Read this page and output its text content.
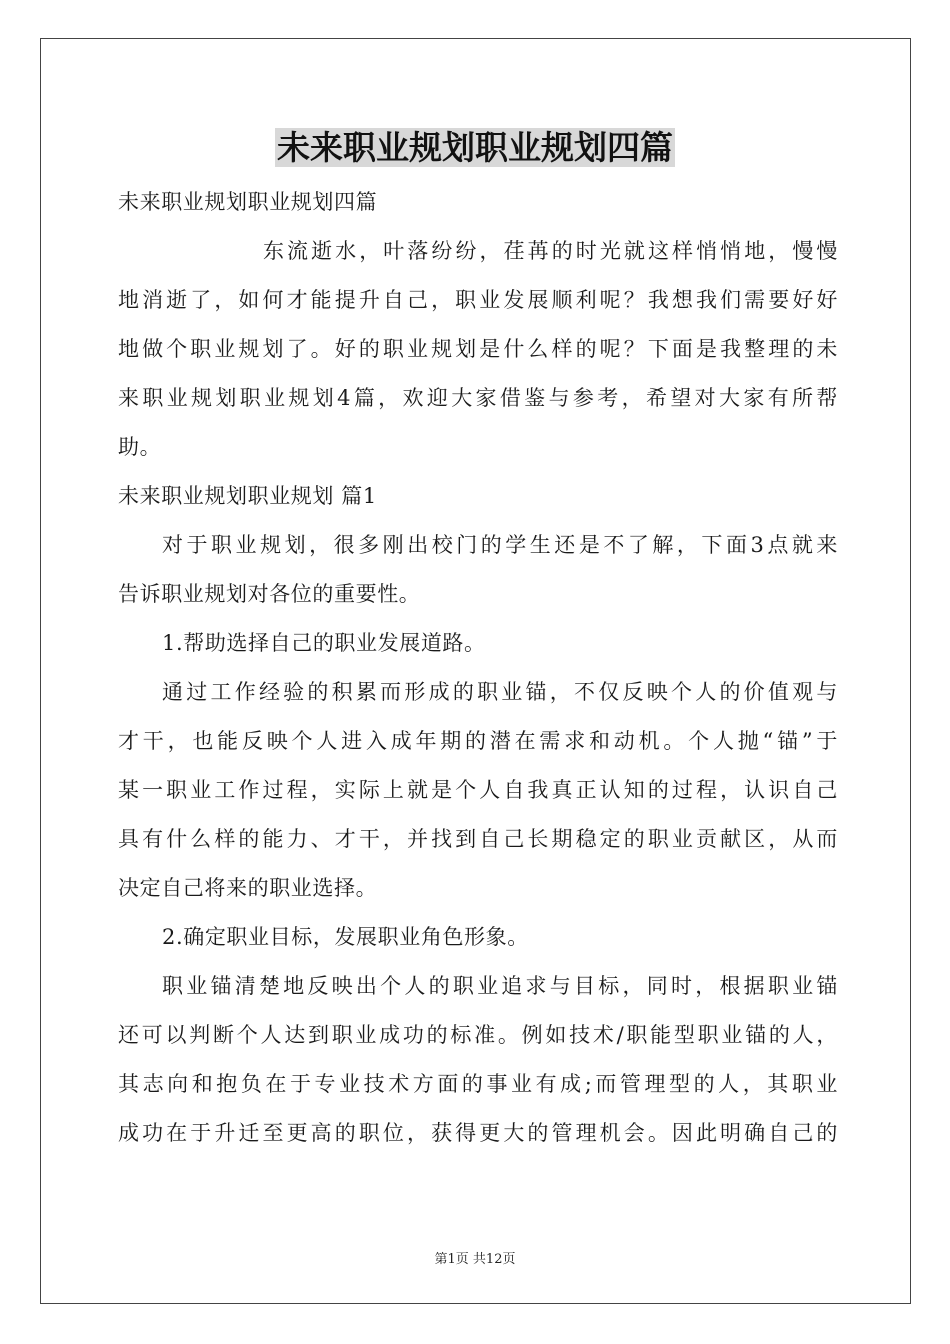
未来职业规划职业规划四篇
未来职业规划职业规划四篇
东流逝水，叶落纷纷，荏苒的时光就这样悄悄地，慢慢
地消逝了，如何才能提升自己，职业发展顺利呢？我想我们需要好好
地做个职业规划了。好的职业规划是什么样的呢？下面是我整理的未
来职业规划职业规划4篇，欢迎大家借鉴与参考，希望对大家有所帮
助。
未来职业规划职业规划 篇1
对于职业规划，很多刚出校门的学生还是不了解，下面3点就来
告诉职业规划对各位的重要性。
1.帮助选择自己的职业发展道路。
通过工作经验的积累而形成的职业锚，不仅反映个人的价值观与
才干，也能反映个人进入成年期的潜在需求和动机。个人抛“锚”于
某一职业工作过程，实际上就是个人自我真正认知的过程，认识自己
具有什么样的能力、才干，并找到自己长期稳定的职业贡献区，从而
决定自己将来的职业选择。
2.确定职业目标，发展职业角色形象。
职业锚清楚地反映出个人的职业追求与目标，同时，根据职业锚
还可以判断个人达到职业成功的标准。例如技术/职能型职业锚的人，
其志向和抱负在于专业技术方面的事业有成;而管理型的人，其职业
成功在于升迁至更高的职位，获得更大的管理机会。因此明确自己的
第1页 共12页
